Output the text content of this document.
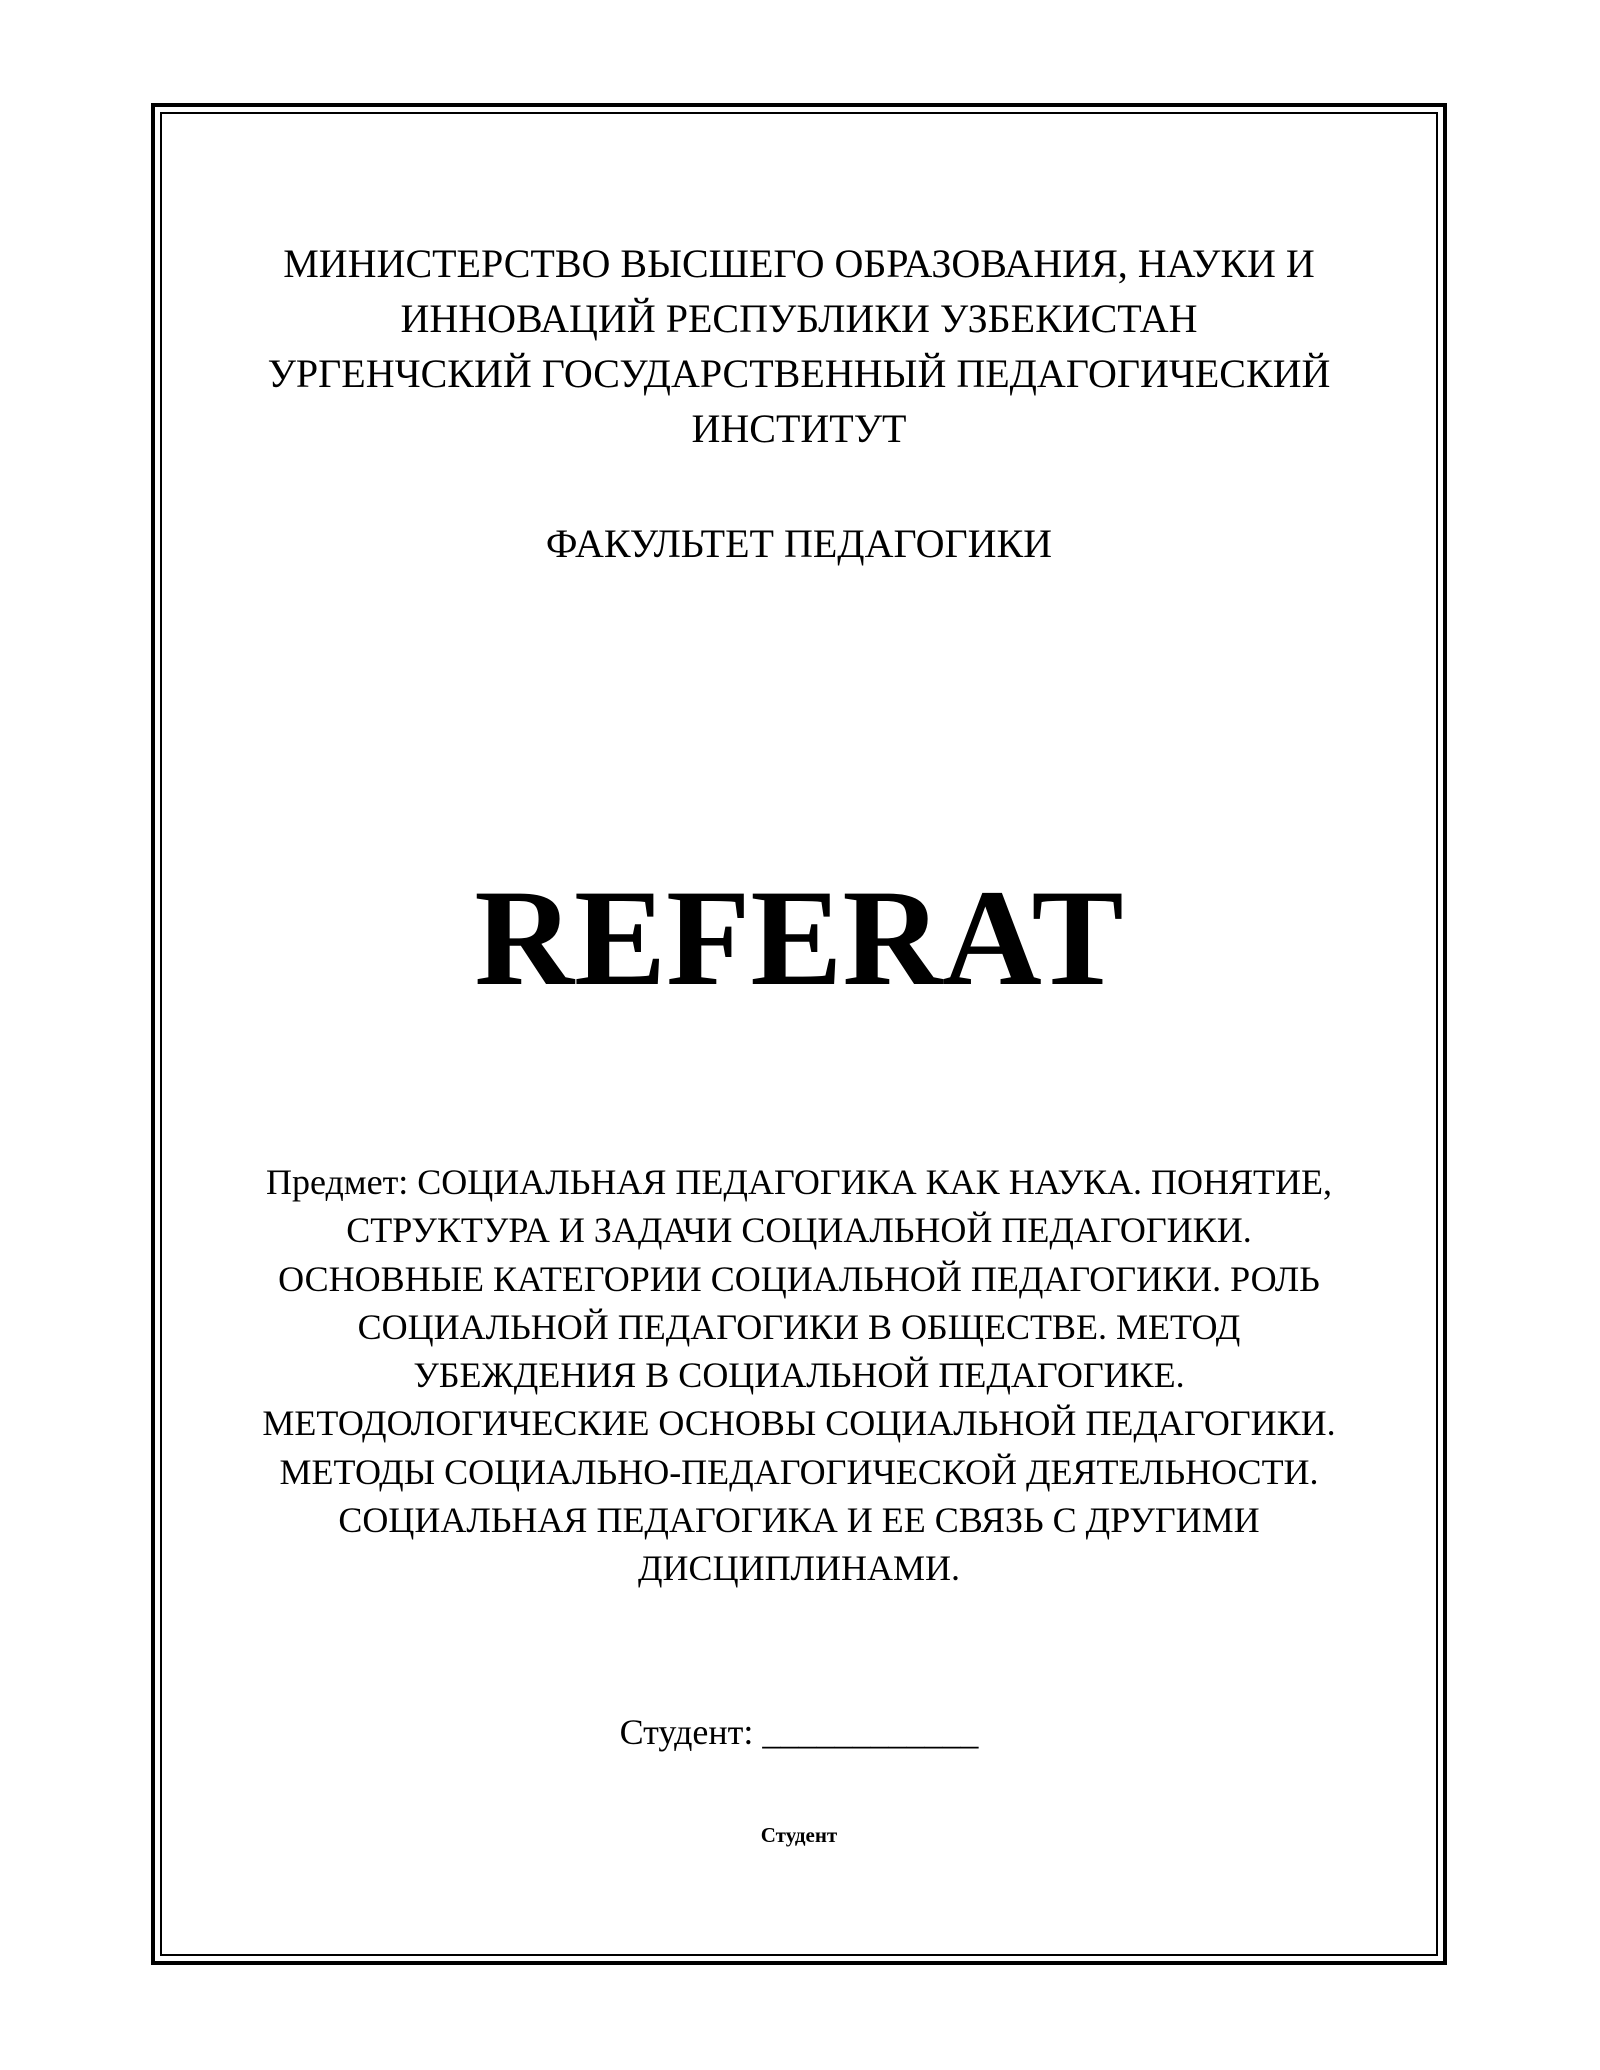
МИНИСТЕРСТВО ВЫСШЕГО ОБРАЗОВАНИЯ, НАУКИ И
ИННОВАЦИЙ РЕСПУБЛИКИ УЗБЕКИСТАН
УРГЕНЧСКИЙ ГОСУДАРСТВЕННЫЙ ПЕДАГОГИЧЕСКИЙ
ИНСТИТУТ
ФАКУЛЬТЕТ ПЕДАГОГИКИ
REFERAT
Предмет: СОЦИАЛЬНАЯ ПЕДАГОГИКА КАК НАУКА. ПОНЯТИЕ,
СТРУКТУРА И ЗАДАЧИ СОЦИАЛЬНОЙ ПЕДАГОГИКИ.
ОСНОВНЫЕ КАТЕГОРИИ СОЦИАЛЬНОЙ ПЕДАГОГИКИ. РОЛЬ
СОЦИАЛЬНОЙ ПЕДАГОГИКИ В ОБЩЕСТВЕ. МЕТОД
УБЕЖДЕНИЯ В СОЦИАЛЬНОЙ ПЕДАГОГИКЕ.
МЕТОДОЛОГИЧЕСКИЕ ОСНОВЫ СОЦИАЛЬНОЙ ПЕДАГОГИКИ.
МЕТОДЫ СОЦИАЛЬНО-ПЕДАГОГИЧЕСКОЙ ДЕЯТЕЛЬНОСТИ.
СОЦИАЛЬНАЯ ПЕДАГОГИКА И ЕЕ СВЯЗЬ С ДРУГИМИ
ДИСЦИПЛИНАМИ.
Студент: ____________
Студент
